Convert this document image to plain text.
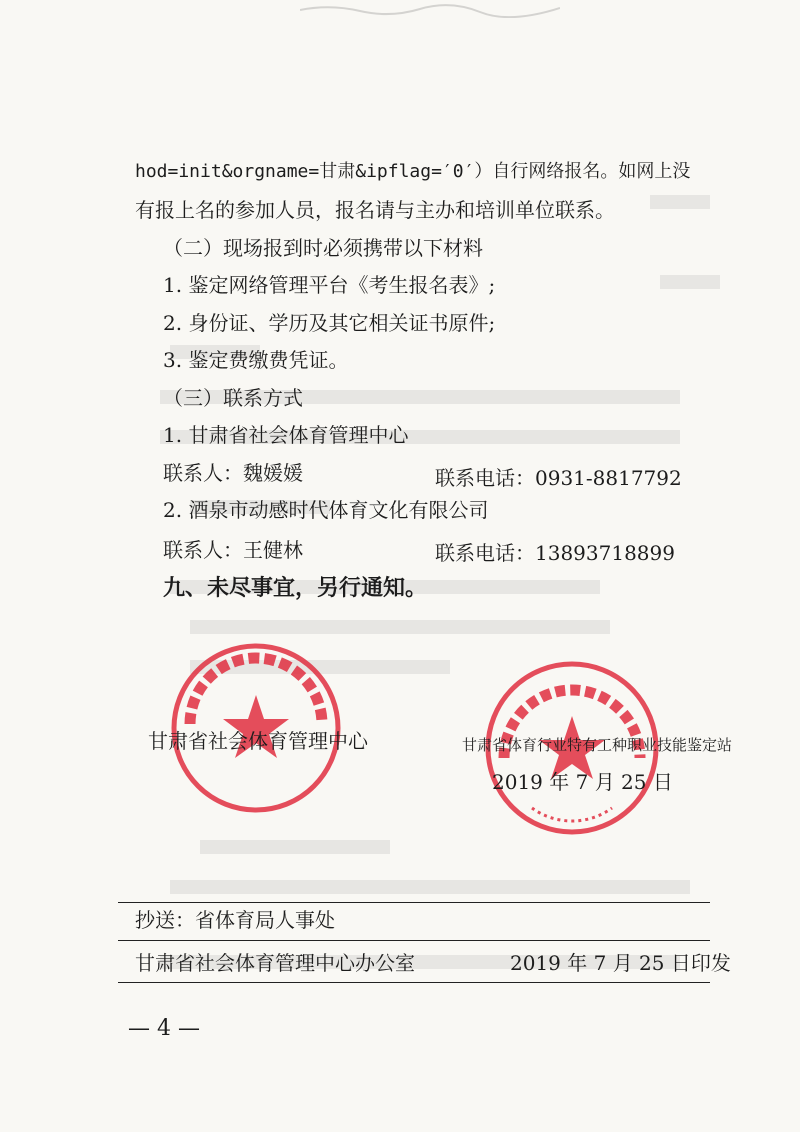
hod=init&orgname=甘肃&ipflag=′0′）自行网络报名。如网上没
有报上名的参加人员，报名请与主办和培训单位联系。
（二）现场报到时必须携带以下材料
1. 鉴定网络管理平台《考生报名表》;
2. 身份证、学历及其它相关证书原件;
3. 鉴定费缴费凭证。
（三）联系方式
1. 甘肃省社会体育管理中心
联系人：魏媛媛	联系电话：0931-8817792
2. 酒泉市动感时代体育文化有限公司
联系人：王健林	联系电话：13893718899
九、未尽事宜，另行通知。
甘肃省社会体育管理中心	甘肃省体育行业特有工种职业技能鉴定站
2019 年 7 月 25 日
抄送：省体育局人事处
甘肃省社会体育管理中心办公室	2019 年 7 月 25 日印发
— 4 —
